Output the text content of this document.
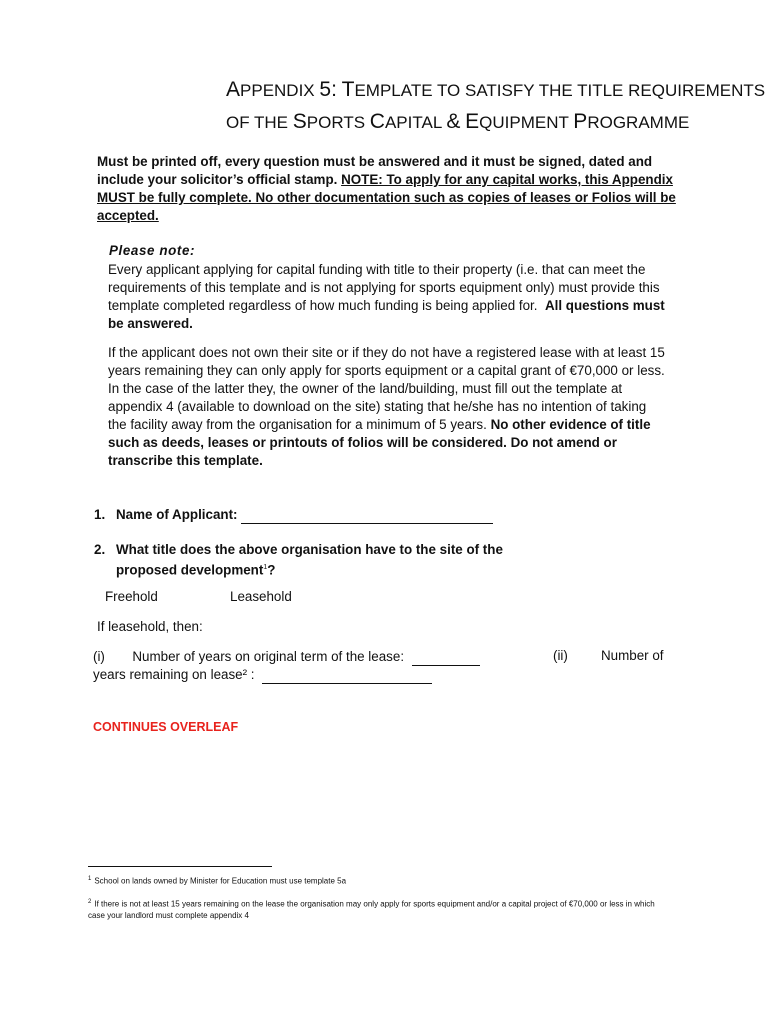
APPENDIX 5: TEMPLATE TO SATISFY THE TITLE REQUIREMENTS
OF THE SPORTS CAPITAL & EQUIPMENT PROGRAMME
Must be printed off, every question must be answered and it must be signed, dated and include your solicitor’s official stamp. NOTE: To apply for any capital works, this Appendix MUST be fully complete. No other documentation such as copies of leases or Folios will be accepted.
Please note:
Every applicant applying for capital funding with title to their property (i.e. that can meet the requirements of this template and is not applying for sports equipment only) must provide this template completed regardless of how much funding is being applied for. All questions must be answered.
If the applicant does not own their site or if they do not have a registered lease with at least 15 years remaining they can only apply for sports equipment or a capital grant of €70,000 or less. In the case of the latter they, the owner of the land/building, must fill out the template at appendix 4 (available to download on the site) stating that he/she has no intention of taking the facility away from the organisation for a minimum of 5 years. No other evidence of title such as deeds, leases or printouts of folios will be considered. Do not amend or transcribe this template.
1. Name of Applicant:
2. What title does the above organisation have to the site of the
proposed development$^1$?
Freehold	Leasehold
If leasehold, then:
(i) Number of years on original term of the lease:	(ii) Number of
years remaining on lease² :
CONTINUES OVERLEAF
$^1$ School on lands owned by Minister for Education must use template 5a
$^2$ If there is not at least 15 years remaining on the lease the organisation may only apply for sports equipment and/or a capital project of €70,000 or less in which case your landlord must complete appendix 4
